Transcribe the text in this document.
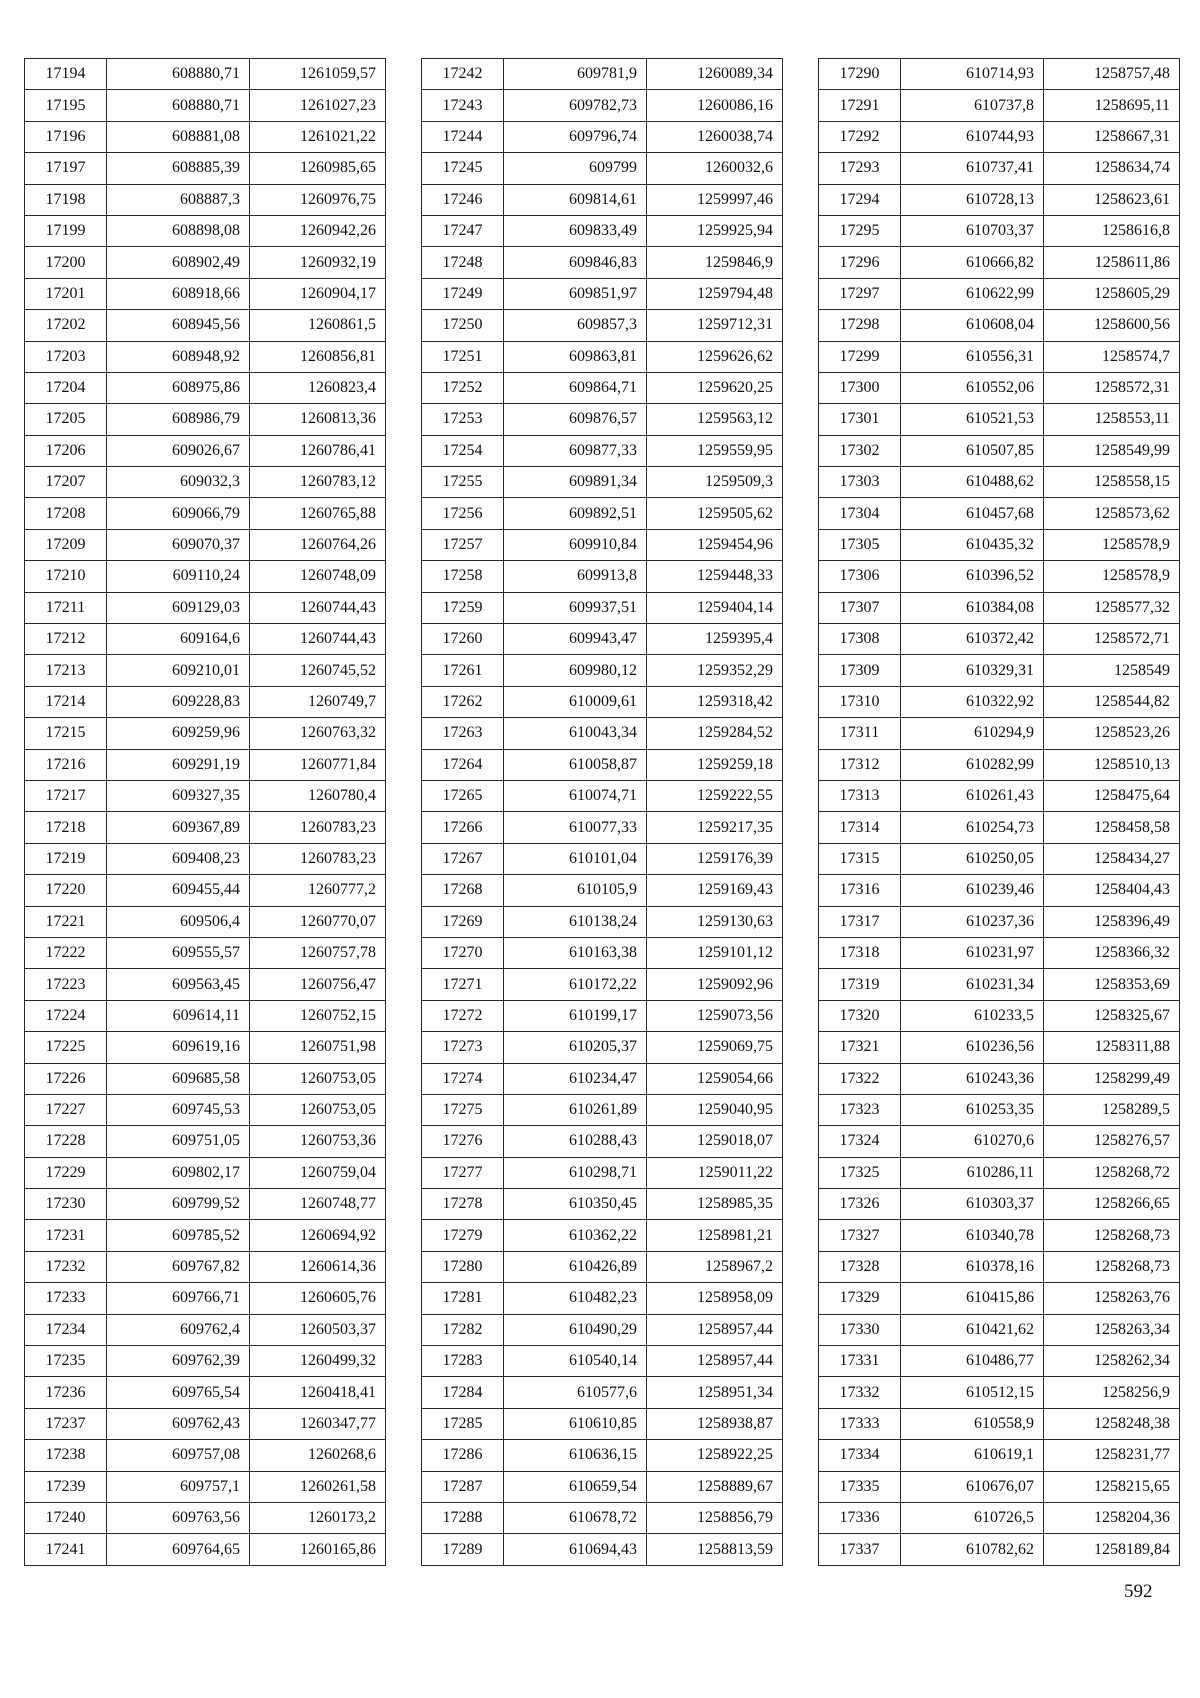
17194	608880,71	1261059,57
17195	608880,71	1261027,23
17196	608881,08	1261021,22
17197	608885,39	1260985,65
17198	608887,3	1260976,75
17199	608898,08	1260942,26
17200	608902,49	1260932,19
17201	608918,66	1260904,17
17202	608945,56	1260861,5
17203	608948,92	1260856,81
17204	608975,86	1260823,4
17205	608986,79	1260813,36
17206	609026,67	1260786,41
17207	609032,3	1260783,12
17208	609066,79	1260765,88
17209	609070,37	1260764,26
17210	609110,24	1260748,09
17211	609129,03	1260744,43
17212	609164,6	1260744,43
17213	609210,01	1260745,52
17214	609228,83	1260749,7
17215	609259,96	1260763,32
17216	609291,19	1260771,84
17217	609327,35	1260780,4
17218	609367,89	1260783,23
17219	609408,23	1260783,23
17220	609455,44	1260777,2
17221	609506,4	1260770,07
17222	609555,57	1260757,78
17223	609563,45	1260756,47
17224	609614,11	1260752,15
17225	609619,16	1260751,98
17226	609685,58	1260753,05
17227	609745,53	1260753,05
17228	609751,05	1260753,36
17229	609802,17	1260759,04
17230	609799,52	1260748,77
17231	609785,52	1260694,92
17232	609767,82	1260614,36
17233	609766,71	1260605,76
17234	609762,4	1260503,37
17235	609762,39	1260499,32
17236	609765,54	1260418,41
17237	609762,43	1260347,77
17238	609757,08	1260268,6
17239	609757,1	1260261,58
17240	609763,56	1260173,2
17241	609764,65	1260165,86
17242	609781,9	1260089,34
17243	609782,73	1260086,16
17244	609796,74	1260038,74
17245	609799	1260032,6
17246	609814,61	1259997,46
17247	609833,49	1259925,94
17248	609846,83	1259846,9
17249	609851,97	1259794,48
17250	609857,3	1259712,31
17251	609863,81	1259626,62
17252	609864,71	1259620,25
17253	609876,57	1259563,12
17254	609877,33	1259559,95
17255	609891,34	1259509,3
17256	609892,51	1259505,62
17257	609910,84	1259454,96
17258	609913,8	1259448,33
17259	609937,51	1259404,14
17260	609943,47	1259395,4
17261	609980,12	1259352,29
17262	610009,61	1259318,42
17263	610043,34	1259284,52
17264	610058,87	1259259,18
17265	610074,71	1259222,55
17266	610077,33	1259217,35
17267	610101,04	1259176,39
17268	610105,9	1259169,43
17269	610138,24	1259130,63
17270	610163,38	1259101,12
17271	610172,22	1259092,96
17272	610199,17	1259073,56
17273	610205,37	1259069,75
17274	610234,47	1259054,66
17275	610261,89	1259040,95
17276	610288,43	1259018,07
17277	610298,71	1259011,22
17278	610350,45	1258985,35
17279	610362,22	1258981,21
17280	610426,89	1258967,2
17281	610482,23	1258958,09
17282	610490,29	1258957,44
17283	610540,14	1258957,44
17284	610577,6	1258951,34
17285	610610,85	1258938,87
17286	610636,15	1258922,25
17287	610659,54	1258889,67
17288	610678,72	1258856,79
17289	610694,43	1258813,59
17290	610714,93	1258757,48
17291	610737,8	1258695,11
17292	610744,93	1258667,31
17293	610737,41	1258634,74
17294	610728,13	1258623,61
17295	610703,37	1258616,8
17296	610666,82	1258611,86
17297	610622,99	1258605,29
17298	610608,04	1258600,56
17299	610556,31	1258574,7
17300	610552,06	1258572,31
17301	610521,53	1258553,11
17302	610507,85	1258549,99
17303	610488,62	1258558,15
17304	610457,68	1258573,62
17305	610435,32	1258578,9
17306	610396,52	1258578,9
17307	610384,08	1258577,32
17308	610372,42	1258572,71
17309	610329,31	1258549
17310	610322,92	1258544,82
17311	610294,9	1258523,26
17312	610282,99	1258510,13
17313	610261,43	1258475,64
17314	610254,73	1258458,58
17315	610250,05	1258434,27
17316	610239,46	1258404,43
17317	610237,36	1258396,49
17318	610231,97	1258366,32
17319	610231,34	1258353,69
17320	610233,5	1258325,67
17321	610236,56	1258311,88
17322	610243,36	1258299,49
17323	610253,35	1258289,5
17324	610270,6	1258276,57
17325	610286,11	1258268,72
17326	610303,37	1258266,65
17327	610340,78	1258268,73
17328	610378,16	1258268,73
17329	610415,86	1258263,76
17330	610421,62	1258263,34
17331	610486,77	1258262,34
17332	610512,15	1258256,9
17333	610558,9	1258248,38
17334	610619,1	1258231,77
17335	610676,07	1258215,65
17336	610726,5	1258204,36
17337	610782,62	1258189,84
592
